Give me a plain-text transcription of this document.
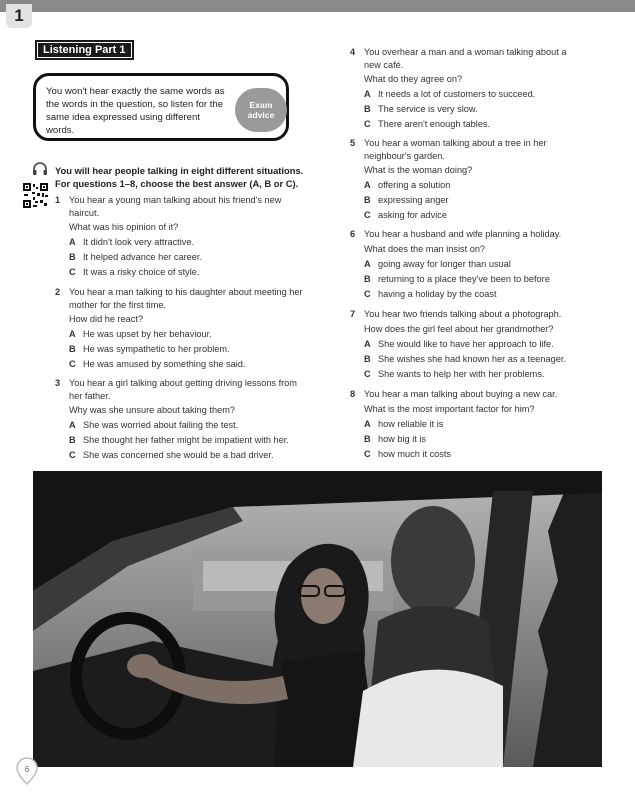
1
Listening Part 1
You won't hear exactly the same words as the words in the question, so listen for the same idea expressed using different words.
Exam
advice
You will hear people talking in eight different situations.
For questions 1–8, choose the best answer (A, B or C).
1 You hear a young man talking about his friend's new haircut.
What was his opinion of it?
A It didn't look very attractive.
B It helped advance her career.
C It was a risky choice of style.
2 You hear a man talking to his daughter about meeting her mother for the first time.
How did he react?
A He was upset by her behaviour.
B He was sympathetic to her problem.
C He was amused by something she said.
3 You hear a girl talking about getting driving lessons from her father.
Why was she unsure about taking them?
A She was worried about failing the test.
B She thought her father might be impatient with her.
C She was concerned she would be a bad driver.
4 You overhear a man and a woman talking about a new café.
What do they agree on?
A It needs a lot of customers to succeed.
B The service is very slow.
C There aren't enough tables.
5 You hear a woman talking about a tree in her neighbour's garden.
What is the woman doing?
A offering a solution
B expressing anger
C asking for advice
6 You hear a husband and wife planning a holiday.
What does the man insist on?
A going away for longer than usual
B returning to a place they've been to before
C having a holiday by the coast
7 You hear two friends talking about a photograph.
How does the girl feel about her grandmother?
A She would like to have her approach to life.
B She wishes she had known her as a teenager.
C She wants to help her with her problems.
8 You hear a man talking about buying a new car.
What is the most important factor for him?
A how reliable it is
B how big it is
C how much it costs
6
